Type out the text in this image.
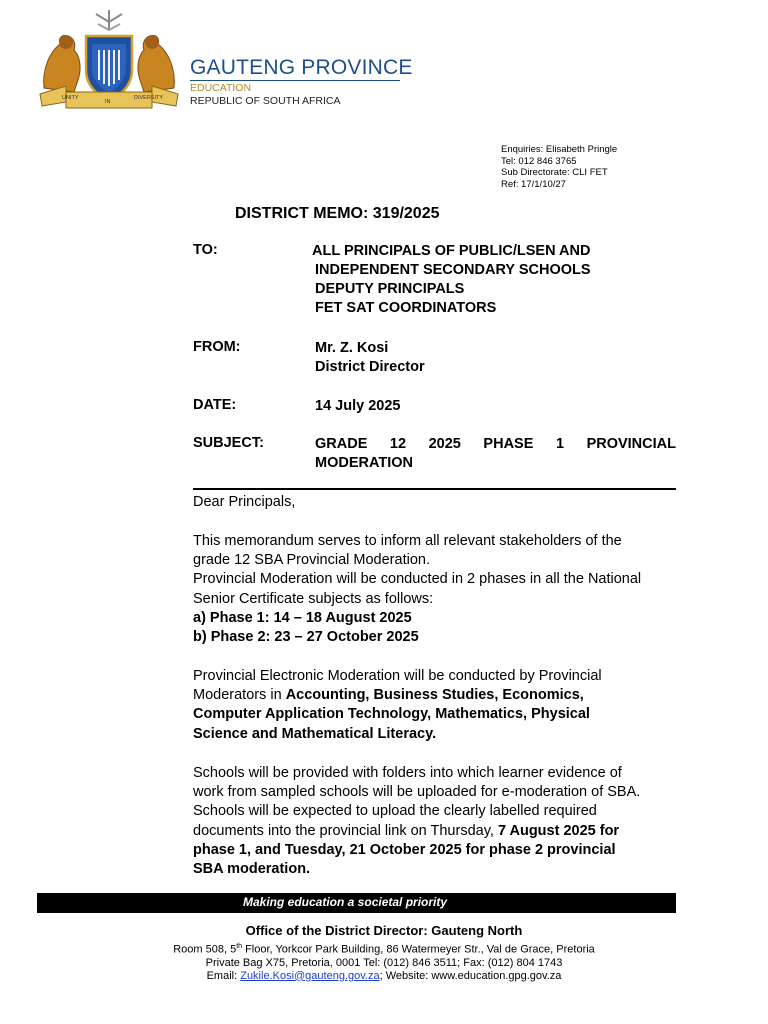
UNITY
IN
DIVERSITY
GAUTENG PROVINCE
EDUCATION
REPUBLIC OF SOUTH AFRICA
Enquiries: Elisabeth Pringle
Tel: 012 846 3765
Sub Directorate: CLI FET
Ref: 17/1/10/27
DISTRICT MEMO: 319/2025
TO:	ALL PRINCIPALS OF PUBLIC/LSEN AND
INDEPENDENT SECONDARY SCHOOLS
DEPUTY PRINCIPALS
FET SAT COORDINATORS
FROM:	Mr. Z. Kosi
District Director
DATE:	14 July 2025
SUBJECT:	GRADE 12 2025 PHASE 1 PROVINCIAL
MODERATION
Dear Principals,
This memorandum serves to inform all relevant stakeholders of the
grade 12 SBA Provincial Moderation.
Provincial Moderation will be conducted in 2 phases in all the National
Senior Certificate subjects as follows:
a) Phase 1: 14 – 18 August 2025
b) Phase 2: 23 – 27 October 2025
Provincial Electronic Moderation will be conducted by Provincial
Moderators in Accounting, Business Studies, Economics,
Computer Application Technology, Mathematics, Physical
Science and Mathematical Literacy.
Schools will be provided with folders into which learner evidence of
work from sampled schools will be uploaded for e-moderation of SBA.
Schools will be expected to upload the clearly labelled required
documents into the provincial link on Thursday, 7 August 2025 for
phase 1, and Tuesday, 21 October 2025 for phase 2 provincial
SBA moderation.
Making education a societal priority
Office of the District Director: Gauteng North
Room 508, 5th Floor, Yorkcor Park Building, 86 Watermeyer Str., Val de Grace, Pretoria
Private Bag X75, Pretoria, 0001 Tel: (012) 846 3511; Fax: (012) 804 1743
Email: Zukile.Kosi@gauteng.gov.za; Website: www.education.gpg.gov.za
